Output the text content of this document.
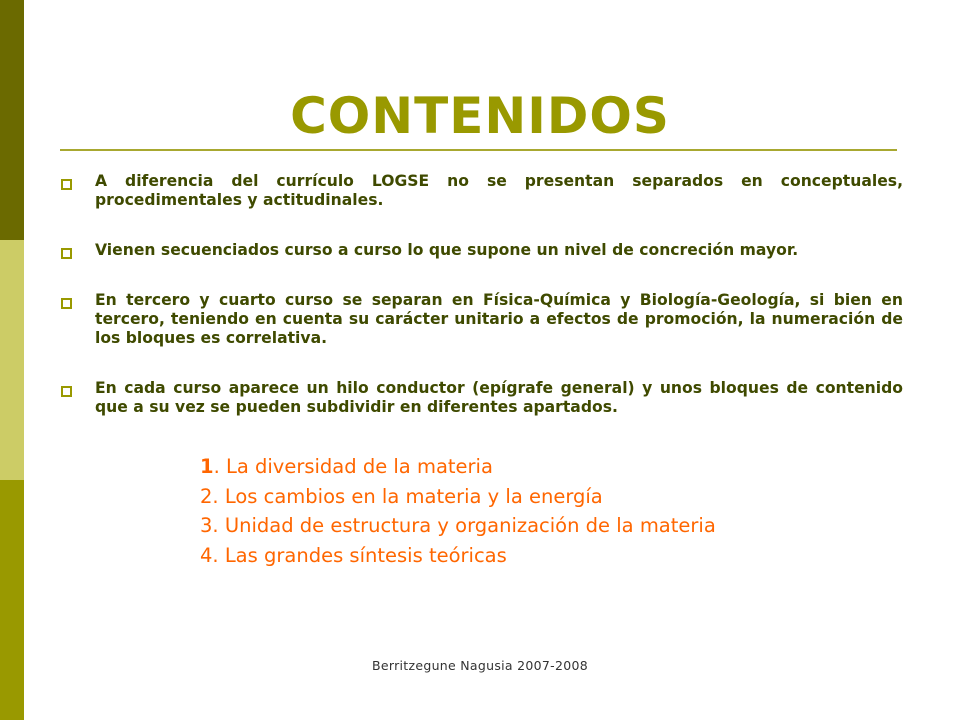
CONTENIDOS
A diferencia del currículo LOGSE no se presentan separados en conceptuales, procedimentales y actitudinales.
Vienen secuenciados curso a curso lo que supone un nivel de concreción mayor.
En tercero y cuarto curso se separan en Física-Química y Biología-Geología, si bien en tercero, teniendo en cuenta su carácter unitario a efectos de promoción, la numeración de los bloques es correlativa.
En cada curso aparece un hilo conductor (epígrafe general) y unos bloques de contenido que a su vez se pueden subdividir en diferentes apartados.
1. La diversidad de la materia
2. Los cambios en la materia y la energía
3. Unidad de estructura y organización de la materia
4. Las grandes síntesis teóricas
Berritzegune Nagusia 2007-2008
